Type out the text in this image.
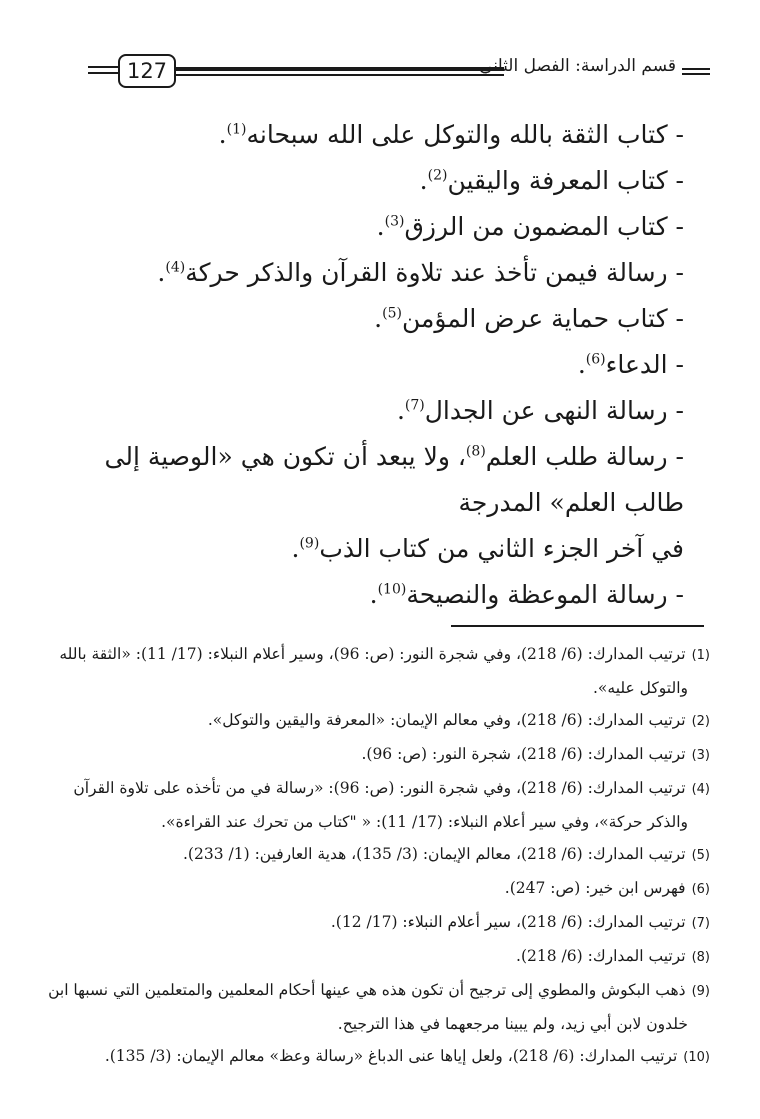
127	قسم الدراسة: الفصل الثاني
- كتاب الثقة بالله والتوكل على الله سبحانه$^{(1)}$.
- كتاب المعرفة واليقين$^{(2)}$.
- كتاب المضمون من الرزق$^{(3)}$.
- رسالة فيمن تأخذ عند تلاوة القرآن والذكر حركة$^{(4)}$.
- كتاب حماية عرض المؤمن$^{(5)}$.
- الدعاء$^{(6)}$.
- رسالة النهى عن الجدال$^{(7)}$.
- رسالة طلب العلم$^{(8)}$، ولا يبعد أن تكون هي «الوصية إلى طالب العلم» المدرجة
في آخر الجزء الثاني من كتاب الذب$^{(9)}$.
- رسالة الموعظة والنصيحة$^{(10)}$.
(1)ترتيب المدارك: (6/ 218)، وفي شجرة النور: (ص: 96)، وسير أعلام النبلاء: (17/ 11): «الثقة بالله
والتوكل عليه».
(2)ترتيب المدارك: (6/ 218)، وفي معالم الإيمان: «المعرفة واليقين والتوكل».
(3)ترتيب المدارك: (6/ 218)، شجرة النور: (ص: 96).
(4)ترتيب المدارك: (6/ 218)، وفي شجرة النور: (ص: 96): «رسالة في من تأخذه على تلاوة القرآن
والذكر حركة»، وفي سير أعلام النبلاء: (17/ 11): « "كتاب من تحرك عند القراءة».
(5)ترتيب المدارك: (6/ 218)، معالم الإيمان: (3/ 135)، هدية العارفين: (1/ 233).
(6)فهرس ابن خير: (ص: 247).
(7)ترتيب المدارك: (6/ 218)، سير أعلام النبلاء: (17/ 12).
(8)ترتيب المدارك: (6/ 218).
(9)ذهب البكوش والمطوي إلى ترجيح أن تكون هذه هي عينها أحكام المعلمين والمتعلمين التي نسبها ابن
خلدون لابن أبي زيد، ولم يبينا مرجعهما في هذا الترجيح.
(10)ترتيب المدارك: (6/ 218)، ولعل إياها عنى الدباغ «رسالة وعظ» معالم الإيمان: (3/ 135).
